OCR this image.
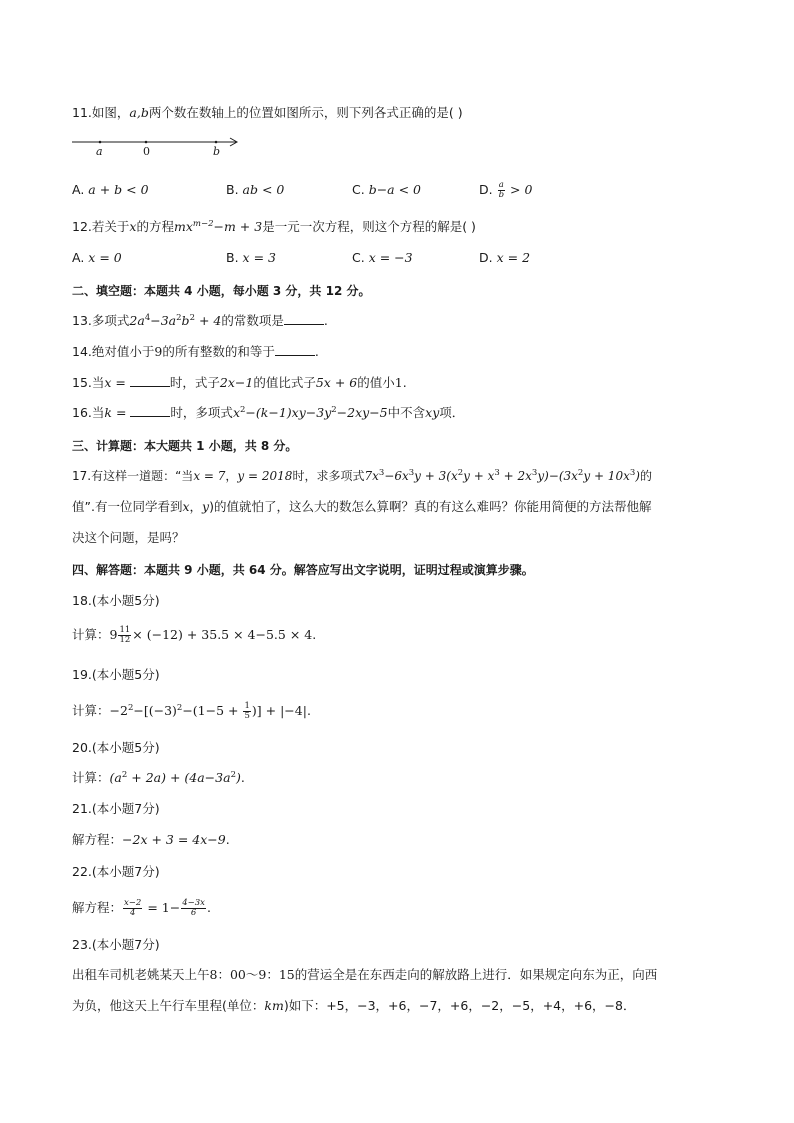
11.如图，a,b两个数在数轴上的位置如图所示，则下列各式正确的是( )
a	0	b
A. a + b < 0	B. ab < 0	C. b−a < 0	D. $\frac{a}{b} > 0$
12.若关于x的方程$mx^{m-2}-m + 3$是一元一次方程，则这个方程的解是( )
A. x = 0	B. x = 3	C. x = −3	D. x = 2
二、填空题：本题共 4 小题，每小题 3 分，共 12 分。
13.多项式$2a^4-3a^2b^2 + 4$的常数项是	.
14.绝对值小于9的所有整数的和等于	.
15.当x =	时，式子2x−1的值比式子5x + 6的值小1.
16.当k =	时，多项式$x^2-(k-1)xy-3y^2-2xy-5$中不含xy项．
三、计算题：本大题共 1 小题，共 8 分。
17.有这样一道题：“当x = 7，y = 2018时，求多项式$7x^3-6x^3y + 3(x^2y + x^3 + 2x^3y)-(3x^2y + 10x^3)$的
值”.有一位同学看到x，y)的值就怕了，这么大的数怎么算啊？真的有这么难吗？你能用简便的方法帮他解
决这个问题，是吗？
四、解答题：本题共 9 小题，共 64 分。解答应写出文字说明，证明过程或演算步骤。
18.(本小题5分)
计算：$9 \frac{11}{12} \times (-12) + 35.5 \times 4-5.5 \times 4$.
19.(本小题5分)
计算：$-2^2-[(-3)^2-(1-5 + \frac{1}{5}$ )] + |−4|.
20.(本小题5分)
计算：$(a^2 + 2a) + (4a-3a^2)$.
21.(本小题7分)
解方程：−2x + 3 = 4x−9.
22.(本小题7分)
解方程： $\frac{x-2}{4} = 1- \frac{4-3x}{6}$ .
23.(本小题7分)
出租车司机老姚某天上午8：00～9：15的营运全是在东西走向的解放路上进行．如果规定向东为正，向西
为负，他这天上午行车里程(单位：km)如下：+5，−3，+6，−7，+6，−2，−5，+4，+6，−8．
